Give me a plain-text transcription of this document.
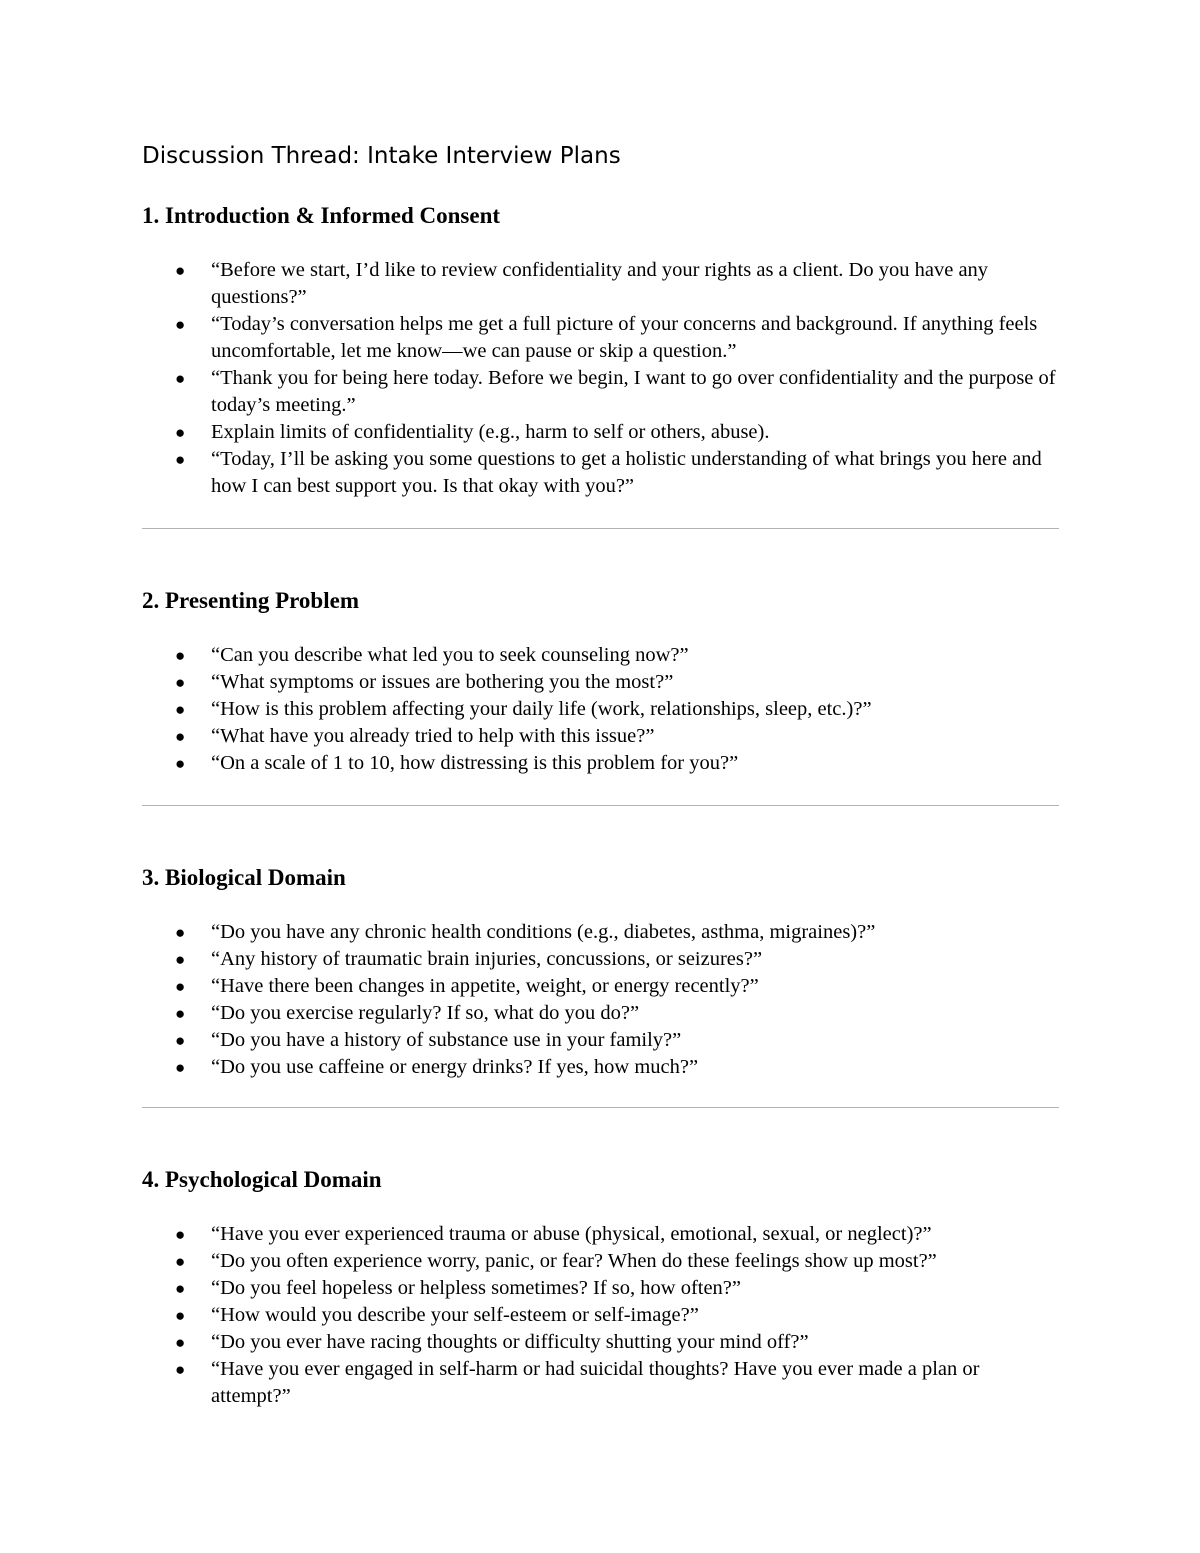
Discussion Thread: Intake Interview Plans
1. Introduction & Informed Consent
● “Before we start, I’d like to review confidentiality and your rights as a client. Do you have any questions?”
● “Today’s conversation helps me get a full picture of your concerns and background. If anything feels uncomfortable, let me know—we can pause or skip a question.”
● “Thank you for being here today. Before we begin, I want to go over confidentiality and the purpose of today’s meeting.”
● Explain limits of confidentiality (e.g., harm to self or others, abuse).
● “Today, I’ll be asking you some questions to get a holistic understanding of what brings you here and how I can best support you. Is that okay with you?”
2. Presenting Problem
● “Can you describe what led you to seek counseling now?”
● “What symptoms or issues are bothering you the most?”
● “How is this problem affecting your daily life (work, relationships, sleep, etc.)?”
● “What have you already tried to help with this issue?”
● “On a scale of 1 to 10, how distressing is this problem for you?”
3. Biological Domain
● “Do you have any chronic health conditions (e.g., diabetes, asthma, migraines)?”
● “Any history of traumatic brain injuries, concussions, or seizures?”
● “Have there been changes in appetite, weight, or energy recently?”
● “Do you exercise regularly? If so, what do you do?”
● “Do you have a history of substance use in your family?”
● “Do you use caffeine or energy drinks? If yes, how much?”
4. Psychological Domain
● “Have you ever experienced trauma or abuse (physical, emotional, sexual, or neglect)?”
● “Do you often experience worry, panic, or fear? When do these feelings show up most?”
● “Do you feel hopeless or helpless sometimes? If so, how often?”
● “How would you describe your self-esteem or self-image?”
● “Do you ever have racing thoughts or difficulty shutting your mind off?”
● “Have you ever engaged in self-harm or had suicidal thoughts? Have you ever made a plan or attempt?”
